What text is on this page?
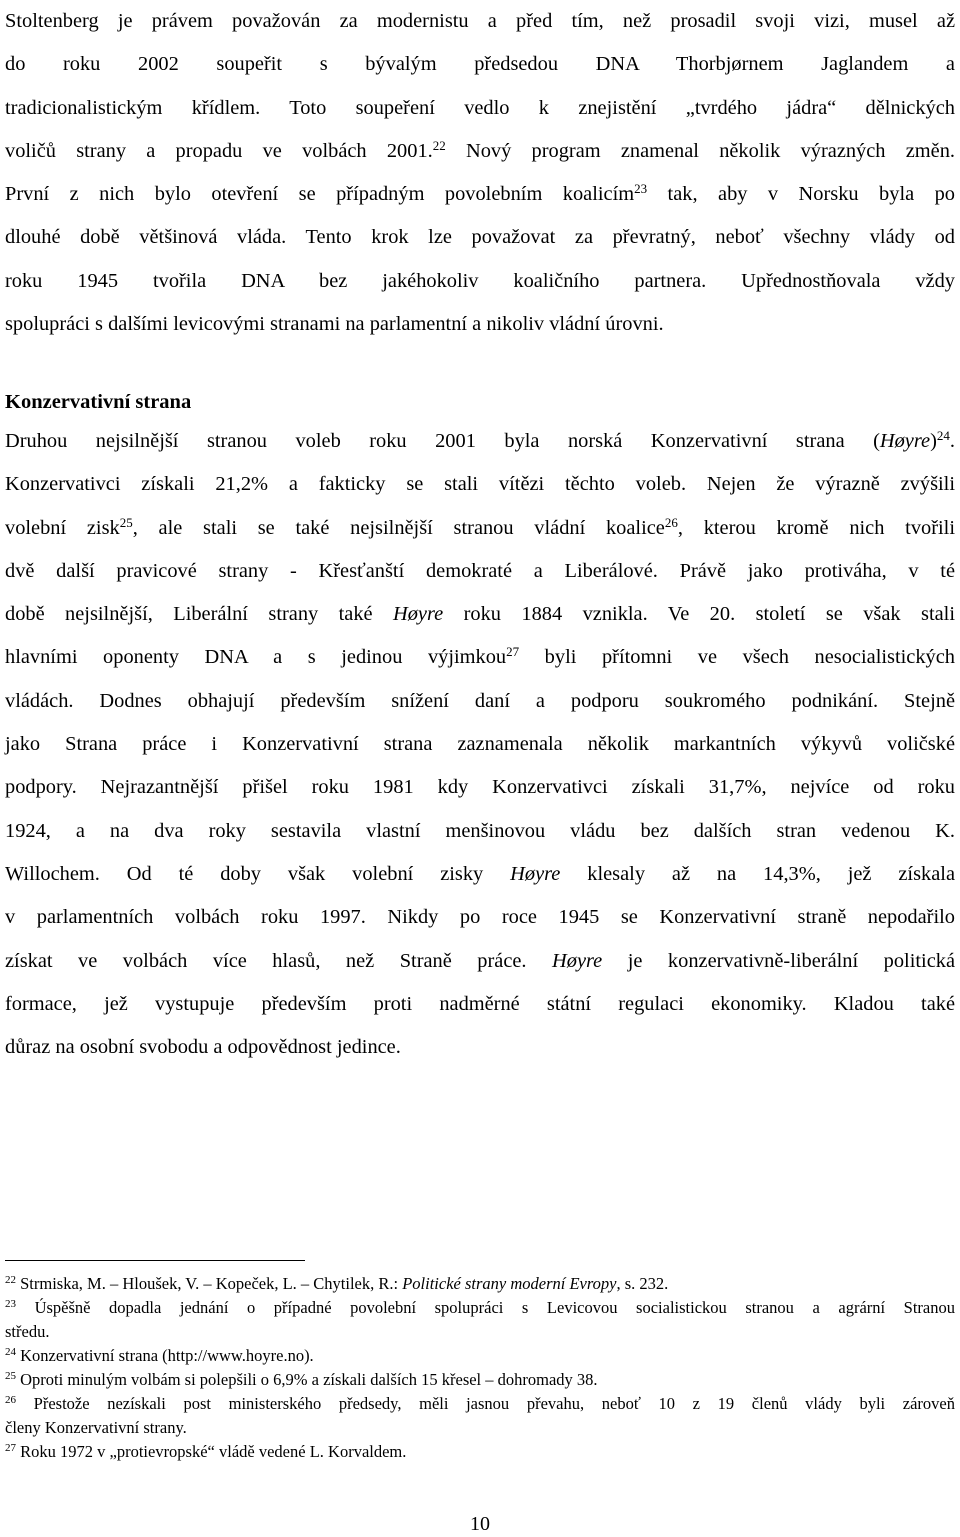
Stoltenberg je právem považován za modernistu a před tím, než prosadil svoji vizi, musel až
do roku 2002 soupeřit s bývalým předsedou DNA Thorbjørnem Jaglandem a
tradicionalistickým křídlem. Toto soupeření vedlo k znejistění „tvrdého jádra“ dělnických
voličů strany a propadu ve volbách 2001.22 Nový program znamenal několik výrazných změn.
První z nich bylo otevření se případným povolebním koalicím$^{23}$ tak, aby v Norsku byla po
dlouhé době většinová vláda. Tento krok lze považovat za převratný, neboť všechny vlády od
roku 1945 tvořila DNA bez jakéhokoliv koaličního partnera. Upřednostňovala vždy
spolupráci s dalšími levicovými stranami na parlamentní a nikoliv vládní úrovni.
Konzervativní strana
Druhou nejsilnější stranou voleb roku 2001 byla norská Konzervativní strana (Høyre)$^{24}$.
Konzervativci získali 21,2% a fakticky se stali vítězi těchto voleb. Nejen že výrazně zvýšili
volební zisk$^{25}$, ale stali se také nejsilnější stranou vládní koalice$^{26}$, kterou kromě nich tvořili
dvě další pravicové strany - Křesťanští demokraté a Liberálové. Právě jako protiváha, v té
době nejsilnější, Liberální strany také Høyre roku 1884 vznikla. Ve 20. století se však stali
hlavními oponenty DNA a s jedinou výjimkou$^{27}$ byli přítomni ve všech nesocialistických
vládách. Dodnes obhajují především snížení daní a podporu soukromého podnikání. Stejně
jako Strana práce i Konzervativní strana zaznamenala několik markantních výkyvů voličské
podpory. Nejrazantnější přišel roku 1981 kdy Konzervativci získali 31,7%, nejvíce od roku
1924, a na dva roky sestavila vlastní menšinovou vládu bez dalších stran vedenou K.
Willochem. Od té doby však volební zisky Høyre klesaly až na 14,3%, jež získala
v parlamentních volbách roku 1997. Nikdy po roce 1945 se Konzervativní straně nepodařilo
získat ve volbách více hlasů, než Straně práce. Høyre je konzervativně-liberální politická
formace, jež vystupuje především proti nadměrné státní regulaci ekonomiky. Kladou také
důraz na osobní svobodu a odpovědnost jedince.
$^{22}$ Strmiska, M. – Hloušek, V. – Kopeček, L. – Chytilek, R.: Politické strany moderní Evropy, s. 232.
$^{23}$ Úspěšně dopadla jednání o případné povolební spolupráci s Levicovou socialistickou stranou a agrární Stranou
středu.
$^{24}$ Konzervativní strana (http://www.hoyre.no).
$^{25}$ Oproti minulým volbám si polepšili o 6,9% a získali dalších 15 křesel – dohromady 38.
$^{26}$ Přestože nezískali post ministerského předsedy, měli jasnou převahu, neboť 10 z 19 členů vlády byli zároveň
členy Konzervativní strany.
$^{27}$ Roku 1972 v „protievropské“ vládě vedené L. Korvaldem.
10
